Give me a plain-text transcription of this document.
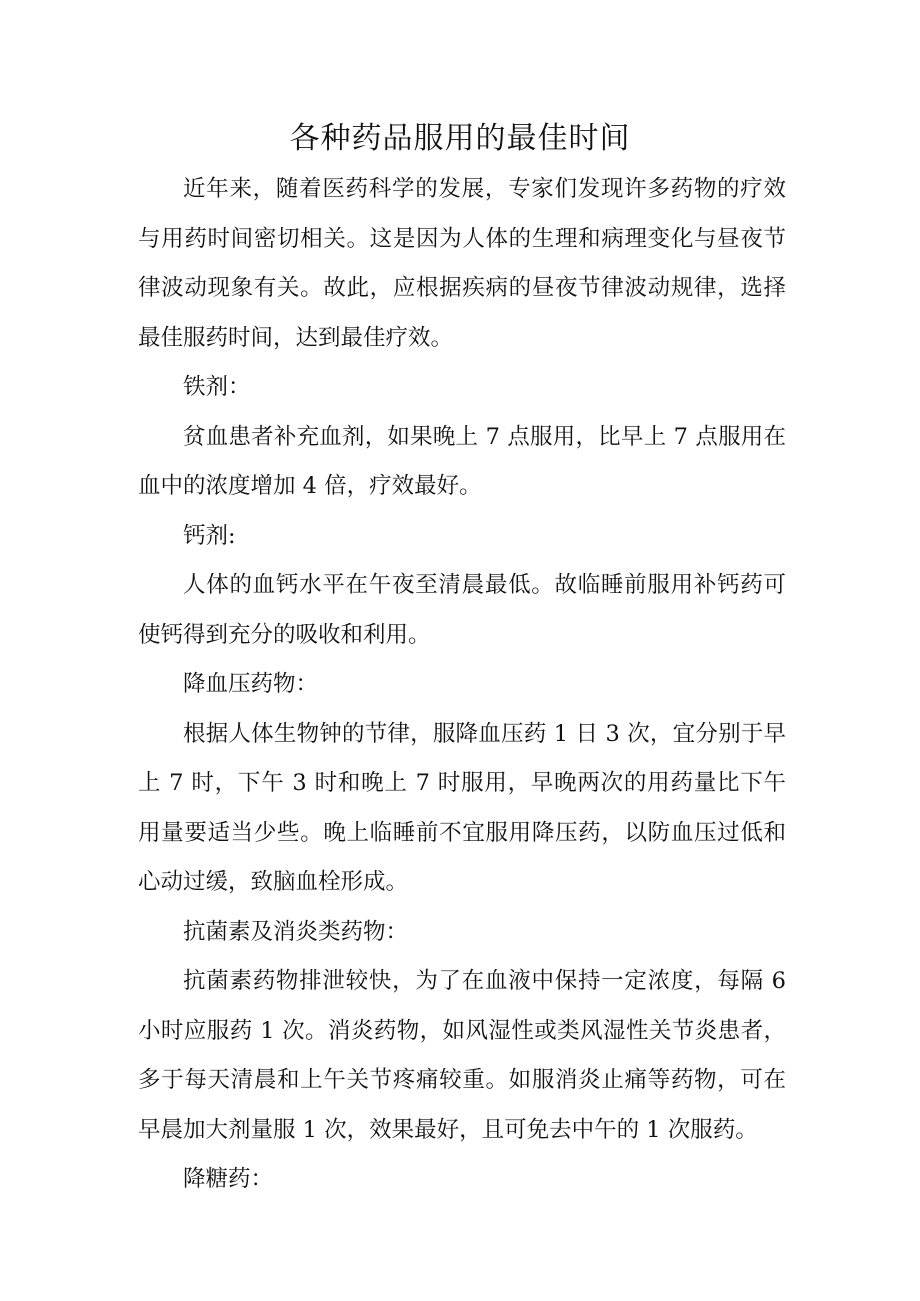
各种药品服用的最佳时间

近年来，随着医药科学的发展，专家们发现许多药物的疗效与用药时间密切相关。这是因为人体的生理和病理变化与昼夜节律波动现象有关。故此，应根据疾病的昼夜节律波动规律，选择最佳服药时间，达到最佳疗效。

铁剂：

贫血患者补充血剂，如果晚上 7 点服用，比早上 7 点服用在血中的浓度增加 4 倍，疗效最好。

钙剂:

人体的血钙水平在午夜至清晨最低。故临睡前服用补钙药可使钙得到充分的吸收和利用。

降血压药物：

根据人体生物钟的节律，服降血压药 1 日 3 次，宜分别于早上 7 时，下午 3 时和晚上 7 时服用，早晚两次的用药量比下午用量要适当少些。晚上临睡前不宜服用降压药，以防血压过低和心动过缓，致脑血栓形成。

抗菌素及消炎类药物：

抗菌素药物排泄较快，为了在血液中保持一定浓度，每隔 6 小时应服药 1 次。消炎药物，如风湿性或类风湿性关节炎患者，多于每天清晨和上午关节疼痛较重。如服消炎止痛等药物，可在早晨加大剂量服 1 次，效果最好，且可免去中午的 1 次服药。

降糖药：
